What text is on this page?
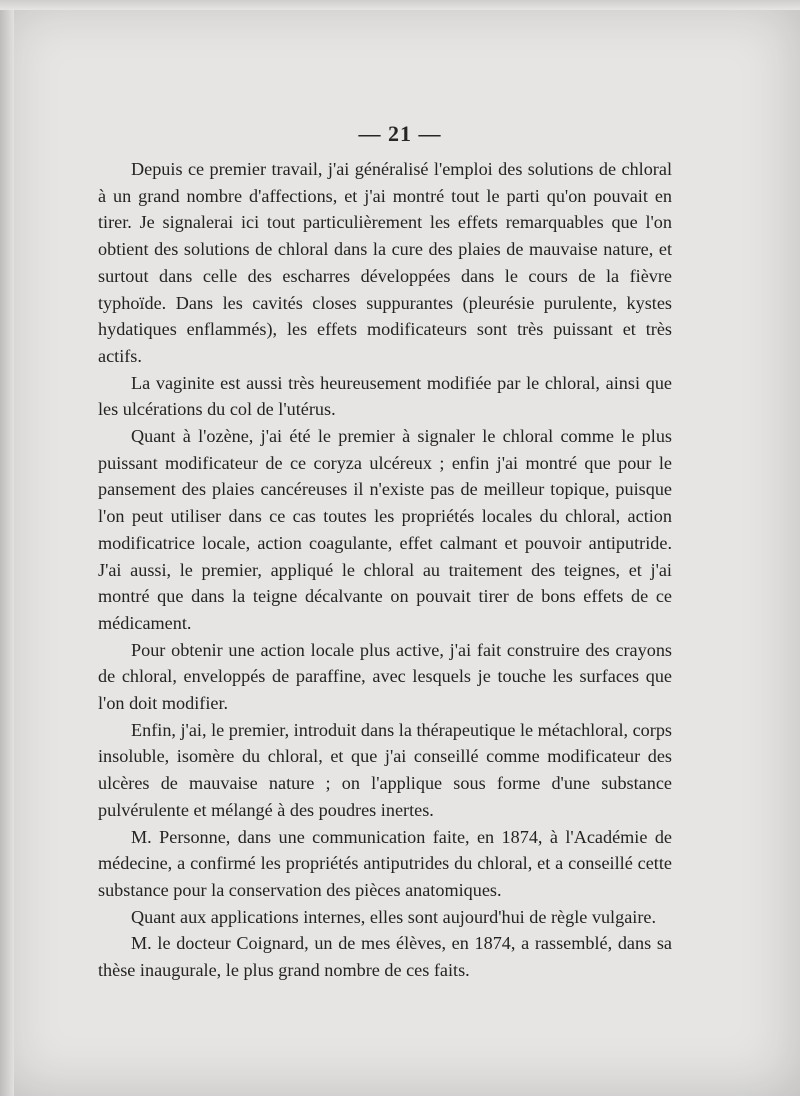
— 21 —

Depuis ce premier travail, j'ai généralisé l'emploi des solutions de chloral à un grand nombre d'affections, et j'ai montré tout le parti qu'on pouvait en tirer. Je signalerai ici tout particulièrement les effets remarquables que l'on obtient des solutions de chloral dans la cure des plaies de mauvaise nature, et surtout dans celle des escharres développées dans le cours de la fièvre typhoïde. Dans les cavités closes suppurantes (pleurésie purulente, kystes hydatiques enflammés), les effets modificateurs sont très puissant et très actifs.

La vaginite est aussi très heureusement modifiée par le chloral, ainsi que les ulcérations du col de l'utérus.

Quant à l'ozène, j'ai été le premier à signaler le chloral comme le plus puissant modificateur de ce coryza ulcéreux ; enfin j'ai montré que pour le pansement des plaies cancéreuses il n'existe pas de meilleur topique, puisque l'on peut utiliser dans ce cas toutes les propriétés locales du chloral, action modificatrice locale, action coagulante, effet calmant et pouvoir antiputride. J'ai aussi, le premier, appliqué le chloral au traitement des teignes, et j'ai montré que dans la teigne décalvante on pouvait tirer de bons effets de ce médicament.

Pour obtenir une action locale plus active, j'ai fait construire des crayons de chloral, enveloppés de paraffine, avec lesquels je touche les surfaces que l'on doit modifier.

Enfin, j'ai, le premier, introduit dans la thérapeutique le métachloral, corps insoluble, isomère du chloral, et que j'ai conseillé comme modificateur des ulcères de mauvaise nature ; on l'applique sous forme d'une substance pulvérulente et mélangé à des poudres inertes.

M. Personne, dans une communication faite, en 1874, à l'Académie de médecine, a confirmé les propriétés antiputrides du chloral, et a conseillé cette substance pour la conservation des pièces anatomiques.

Quant aux applications internes, elles sont aujourd'hui de règle vulgaire.

M. le docteur Coignard, un de mes élèves, en 1874, a rassemblé, dans sa thèse inaugurale, le plus grand nombre de ces faits.
